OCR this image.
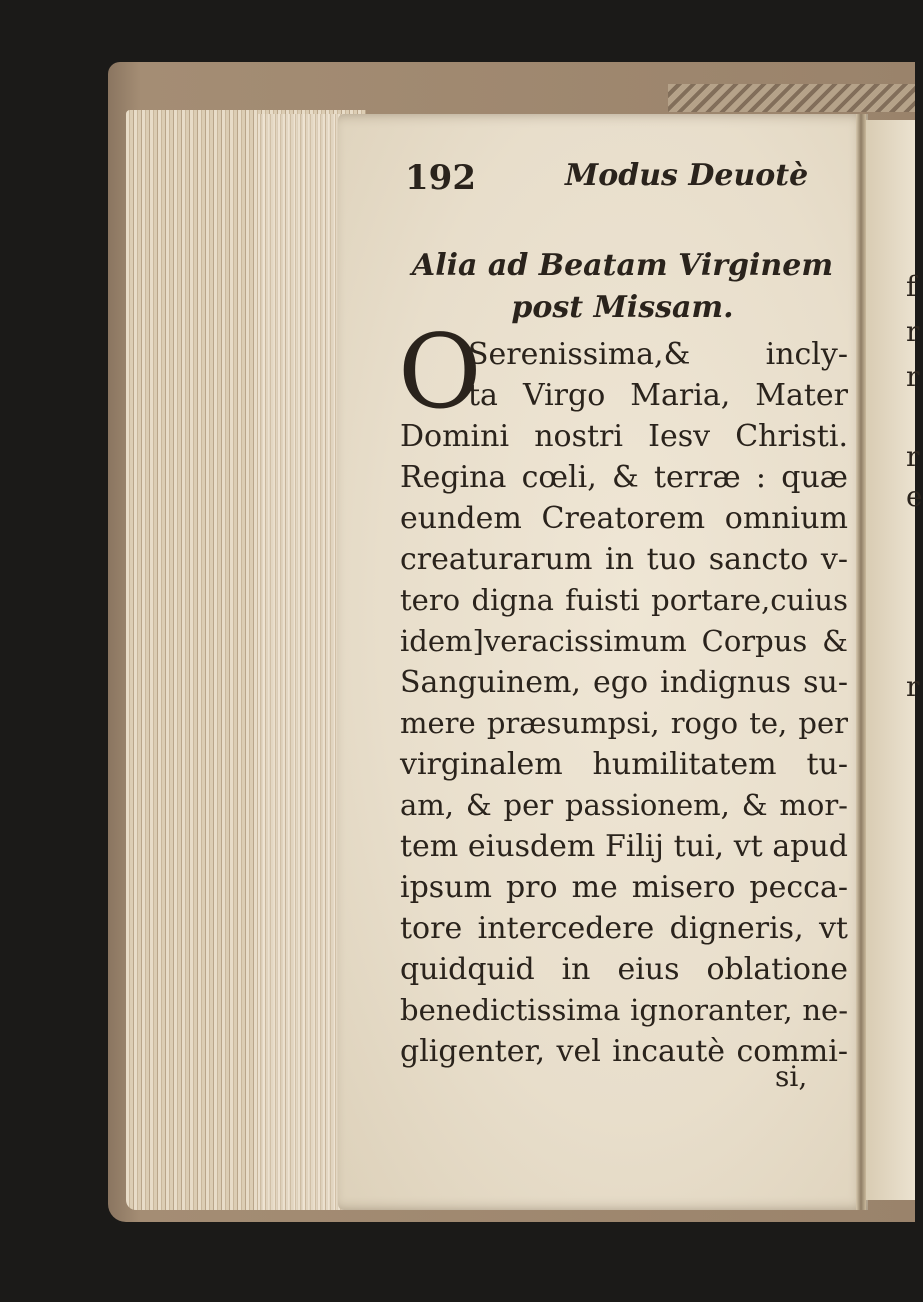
f
r
r
r
e
r
192	Modus Deuotè
Alia ad Beatam Virginem
post Missam.
O
Serenissima,& incly-
ta Virgo Maria, Mater
Domini nostri Iesv Christi.
Regina cœli, & terræ : quæ
eundem Creatorem omnium
creaturarum in tuo sancto v-
tero digna fuisti portare,cuius
idem]veracissimum Corpus &
Sanguinem, ego indignus su-
mere præsumpsi, rogo te, per
virginalem humilitatem tu-
am, & per passionem, & mor-
tem eiusdem Filij tui, vt apud
ipsum pro me misero pecca-
tore intercedere digneris, vt
quidquid in eius oblatione
benedictissima ignoranter, ne-
gligenter, vel incautè commi-
si,
